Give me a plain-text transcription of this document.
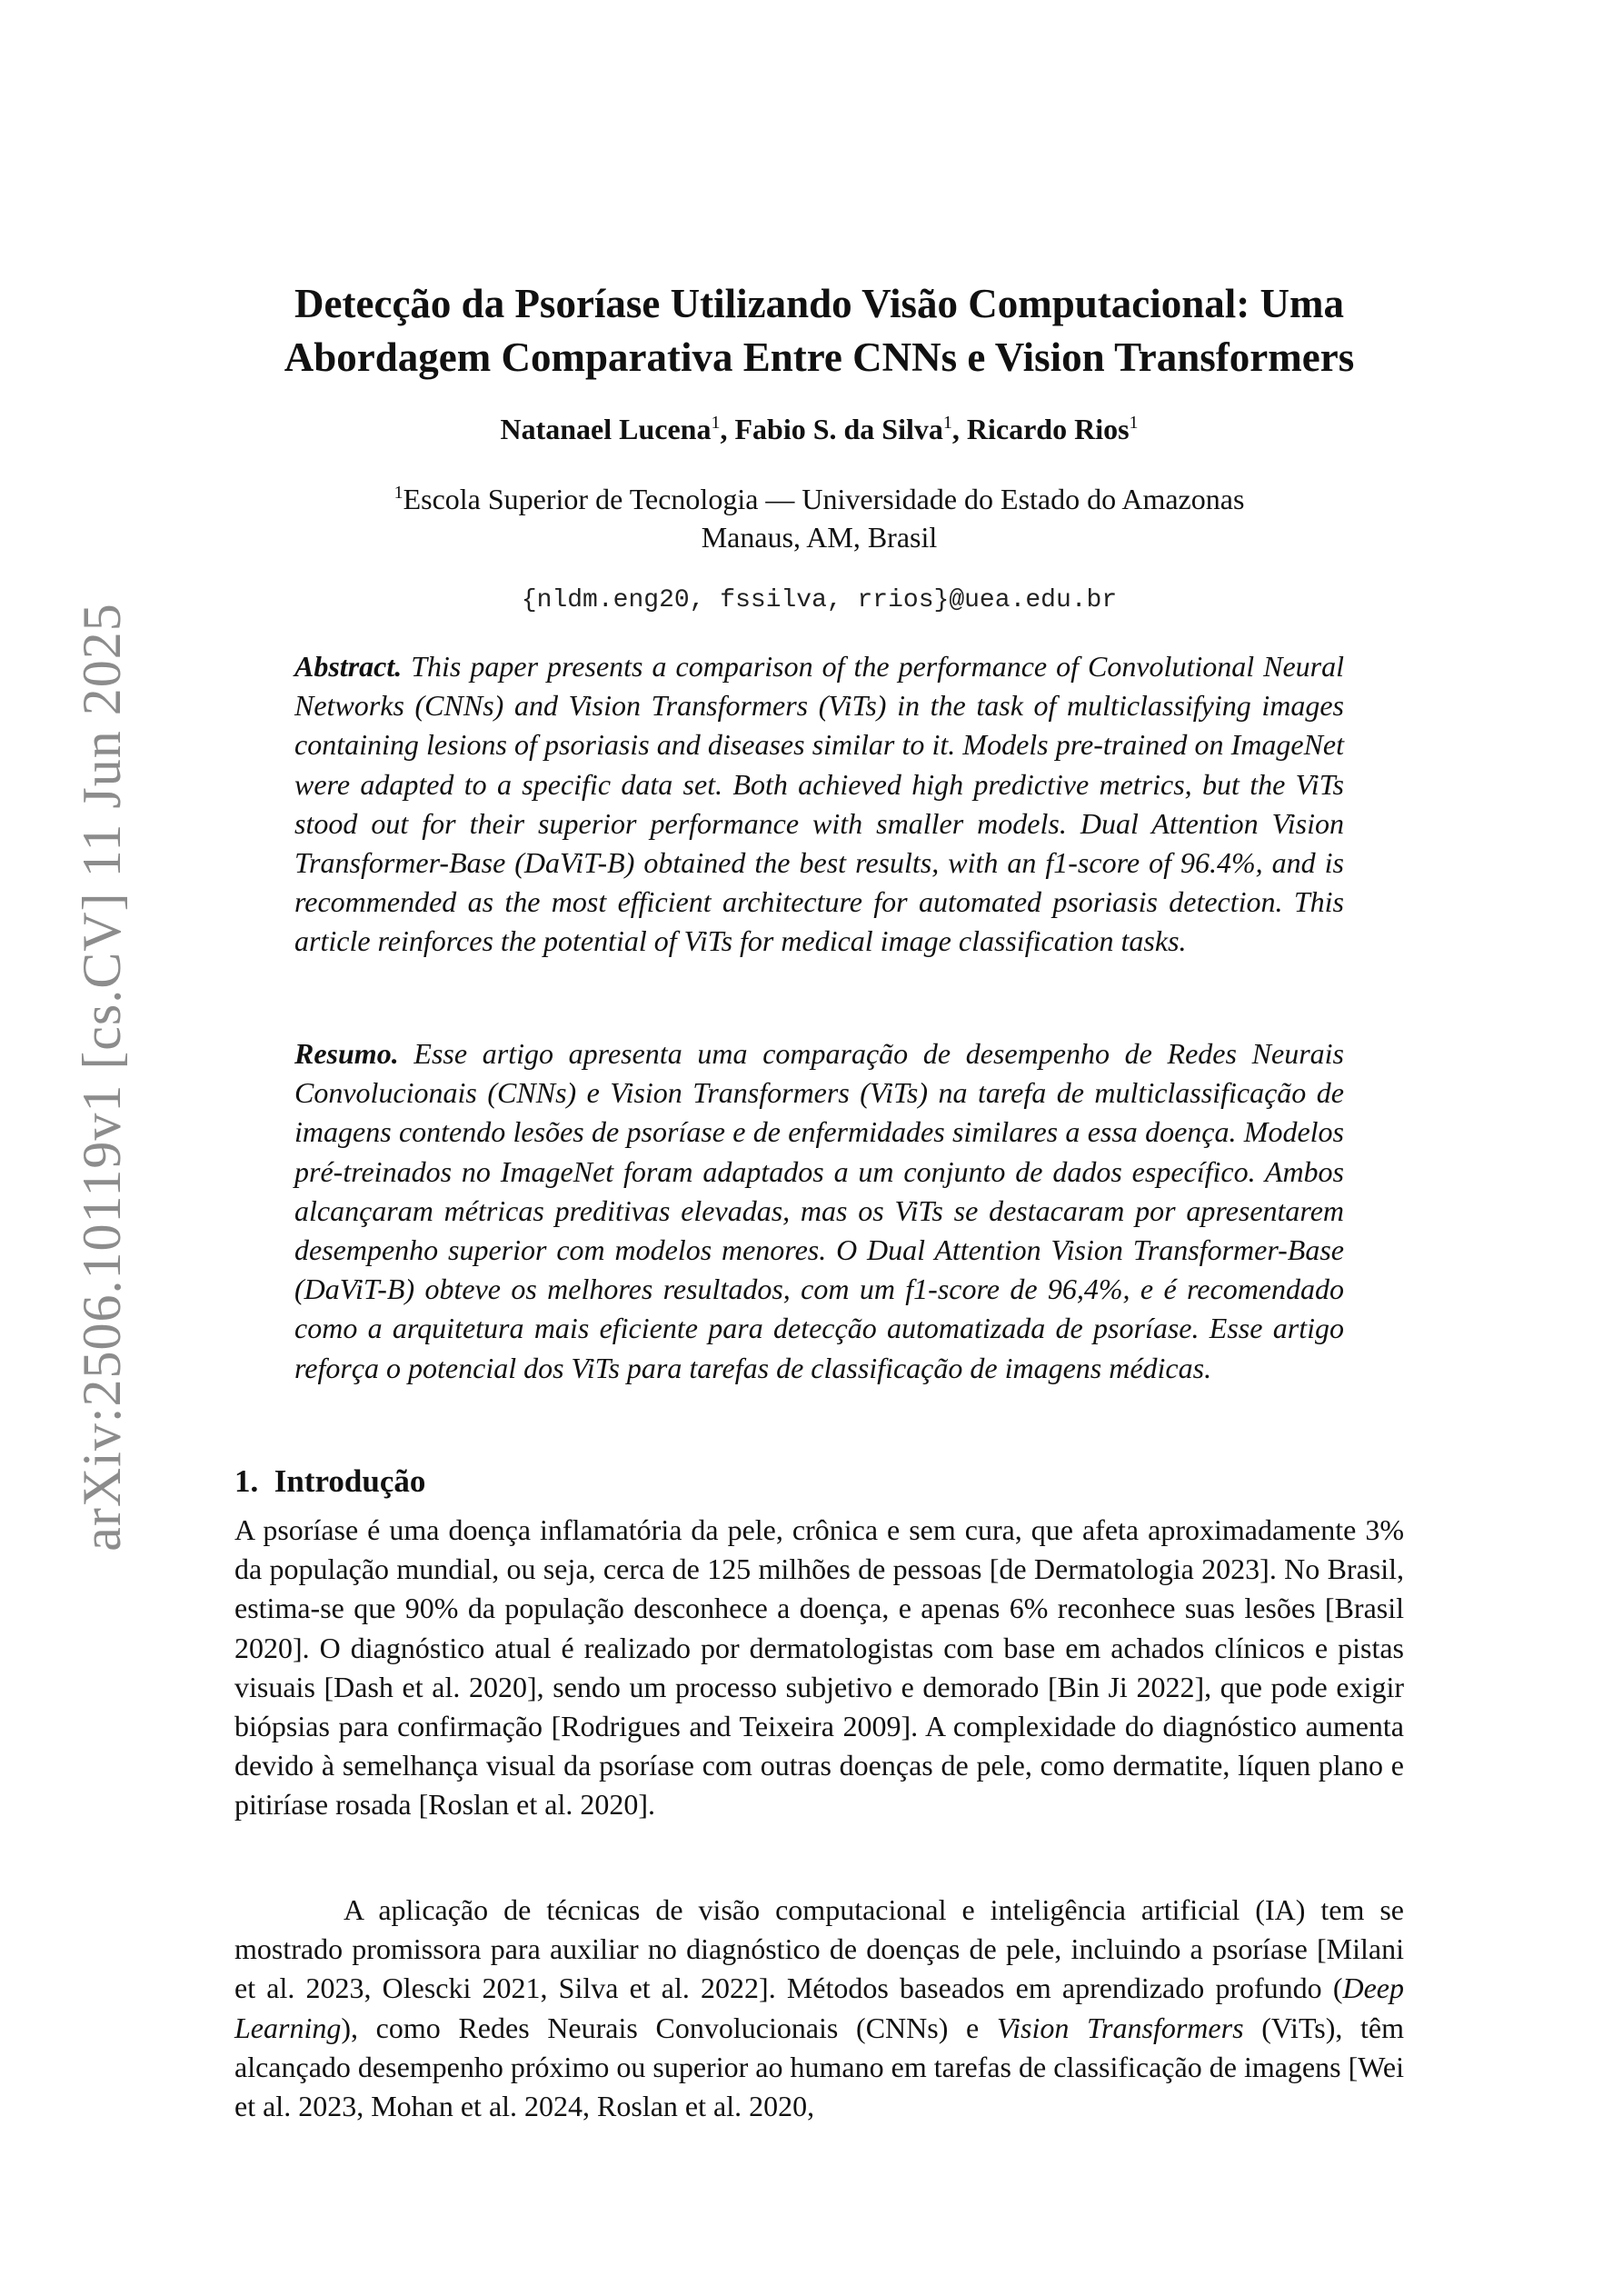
arXiv:2506.10119v1 [cs.CV] 11 Jun 2025
Detecção da Psoríase Utilizando Visão Computacional: Uma
Abordagem Comparativa Entre CNNs e Vision Transformers
Natanael Lucena$^1$, Fabio S. da Silva$^1$, Ricardo Rios$^1$
$^1$Escola Superior de Tecnologia — Universidade do Estado do Amazonas
Manaus, AM, Brasil
{nldm.eng20, fssilva, rrios}@uea.edu.br

Abstract. This paper presents a comparison of the performance of Convolutional Neural Networks (CNNs) and Vision Transformers (ViTs) in the task of multiclassifying images containing lesions of psoriasis and diseases similar to it. Models pre-trained on ImageNet were adapted to a specific data set. Both achieved high predictive metrics, but the ViTs stood out for their superior performance with smaller models. Dual Attention Vision Transformer-Base (DaViT-B) obtained the best results, with an f1-score of 96.4%, and is recommended as the most efficient architecture for automated psoriasis detection. This article reinforces the potential of ViTs for medical image classification tasks.

Resumo. Esse artigo apresenta uma comparação de desempenho de Redes Neurais Convolucionais (CNNs) e Vision Transformers (ViTs) na tarefa de multiclassificação de imagens contendo lesões de psoríase e de enfermidades similares a essa doença. Modelos pré-treinados no ImageNet foram adaptados a um conjunto de dados específico. Ambos alcançaram métricas preditivas elevadas, mas os ViTs se destacaram por apresentarem desempenho superior com modelos menores. O Dual Attention Vision Transformer-Base (DaViT-B) obteve os melhores resultados, com um f1-score de 96,4%, e é recomendado como a arquitetura mais eficiente para detecção automatizada de psoríase. Esse artigo reforça o potencial dos ViTs para tarefas de classificação de imagens médicas.

1. Introdução

A psoríase é uma doença inflamatória da pele, crônica e sem cura, que afeta aproximadamente 3% da população mundial, ou seja, cerca de 125 milhões de pessoas [de Dermatologia 2023]. No Brasil, estima-se que 90% da população desconhece a doença, e apenas 6% reconhece suas lesões [Brasil 2020]. O diagnóstico atual é realizado por dermatologistas com base em achados clínicos e pistas visuais [Dash et al. 2020], sendo um processo subjetivo e demorado [Bin Ji 2022], que pode exigir biópsias para confirmação [Rodrigues and Teixeira 2009]. A complexidade do diagnóstico aumenta devido à semelhança visual da psoríase com outras doenças de pele, como dermatite, líquen plano e pitiríase rosada [Roslan et al. 2020].

A aplicação de técnicas de visão computacional e inteligência artificial (IA) tem se mostrado promissora para auxiliar no diagnóstico de doenças de pele, incluindo a psoríase [Milani et al. 2023, Olescki 2021, Silva et al. 2022]. Métodos baseados em aprendizado profundo (Deep Learning), como Redes Neurais Convolucionais (CNNs) e Vision Transformers (ViTs), têm alcançado desempenho próximo ou superior ao humano em tarefas de classificação de imagens [Wei et al. 2023, Mohan et al. 2024, Roslan et al. 2020,
